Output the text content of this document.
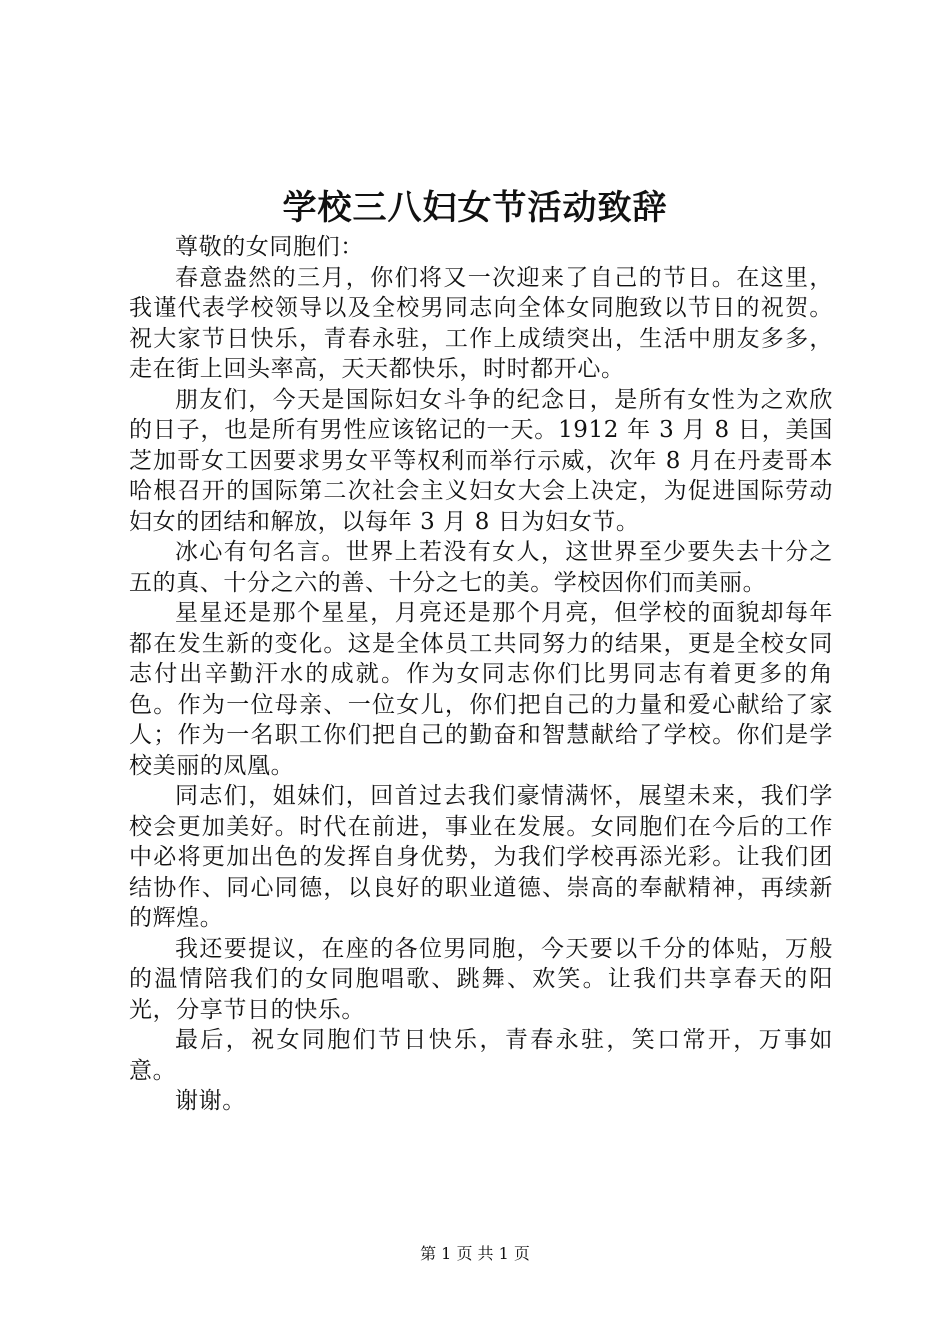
学校三八妇女节活动致辞

尊敬的女同胞们：

春意盎然的三月，你们将又一次迎来了自己的节日。在这里，我谨代表学校领导以及全校男同志向全体女同胞致以节日的祝贺。祝大家节日快乐，青春永驻，工作上成绩突出，生活中朋友多多，走在街上回头率高，天天都快乐，时时都开心。

朋友们，今天是国际妇女斗争的纪念日，是所有女性为之欢欣的日子，也是所有男性应该铭记的一天。1912 年 3 月 8 日，美国芝加哥女工因要求男女平等权利而举行示威，次年 8 月在丹麦哥本哈根召开的国际第二次社会主义妇女大会上决定，为促进国际劳动妇女的团结和解放，以每年 3 月 8 日为妇女节。

冰心有句名言。世界上若没有女人，这世界至少要失去十分之五的真、十分之六的善、十分之七的美。学校因你们而美丽。

星星还是那个星星，月亮还是那个月亮，但学校的面貌却每年都在发生新的变化。这是全体员工共同努力的结果，更是全校女同志付出辛勤汗水的成就。作为女同志你们比男同志有着更多的角色。作为一位母亲、一位女儿，你们把自己的力量和爱心献给了家人；作为一名职工你们把自己的勤奋和智慧献给了学校。你们是学校美丽的凤凰。

同志们，姐妹们，回首过去我们豪情满怀，展望未来，我们学校会更加美好。时代在前进，事业在发展。女同胞们在今后的工作中必将更加出色的发挥自身优势，为我们学校再添光彩。让我们团结协作、同心同德，以良好的职业道德、崇高的奉献精神，再续新的辉煌。

我还要提议，在座的各位男同胞，今天要以千分的体贴，万般的温情陪我们的女同胞唱歌、跳舞、欢笑。让我们共享春天的阳光，分享节日的快乐。

最后，祝女同胞们节日快乐，青春永驻，笑口常开，万事如意。

谢谢。

第 1 页 共 1 页
